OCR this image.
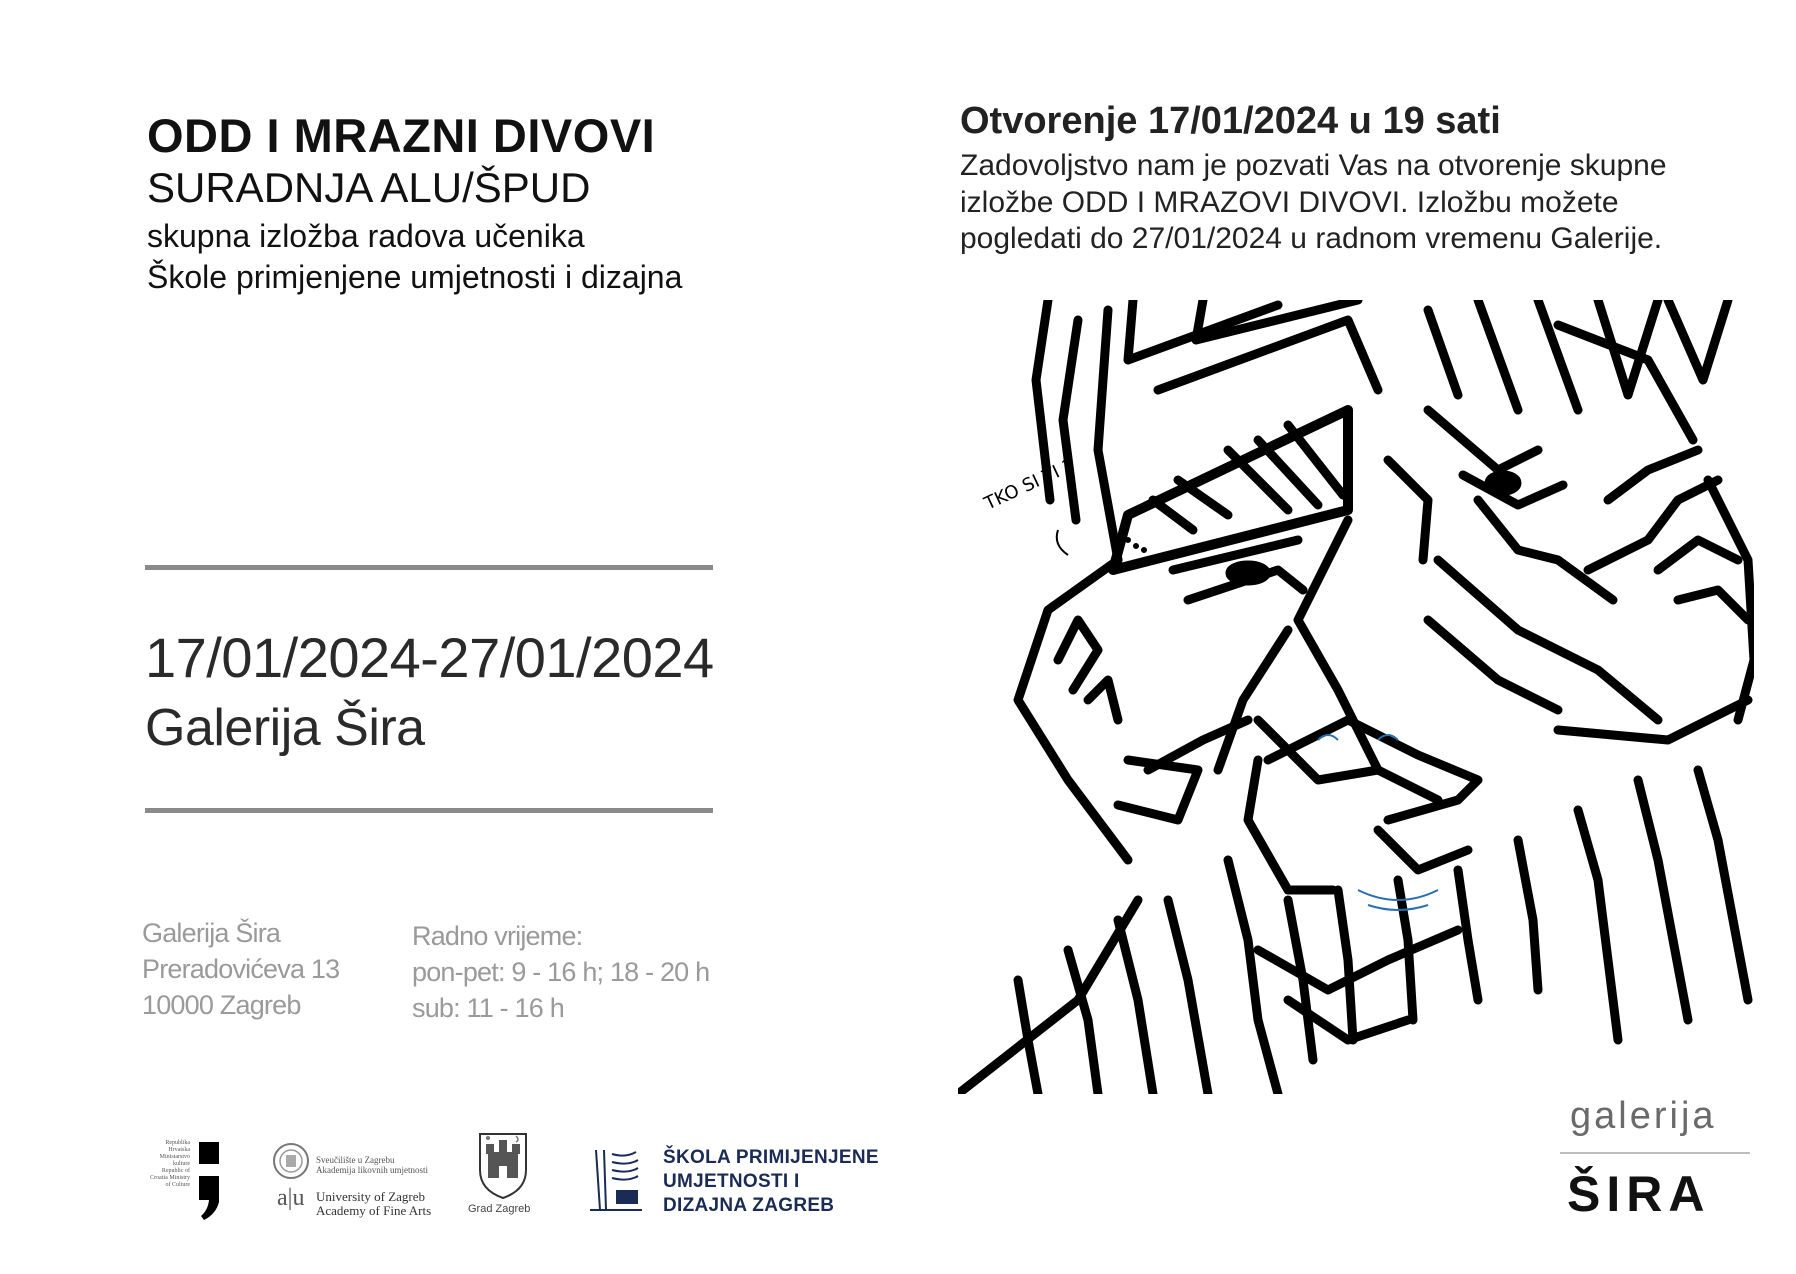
ODD I MRAZNI DIVOVI
SURADNJA ALU/ŠPUD
skupna izložba radova učenika
Škole primjenjene umjetnosti i dizajna
17/01/2024-27/01/2024
Galerija Šira
Galerija Šira
Preradovićeva 13
10000 Zagreb
Radno vrijeme:
pon-pet: 9 - 16 h; 18 - 20 h
sub: 11 - 16 h
Otvorenje 17/01/2024 u 19 sati
Zadovoljstvo nam je pozvati Vas na otvorenje skupne izložbe ODD I MRAZOVI DIVOVI. Izložbu možete pogledati do 27/01/2024 u radnom vremenu Galerije.
TKO SI TI ?
galerija
ŠIRA
Republika Hrvatska Ministarstvo kulture Republic of Croatia Ministry of Culture
Sveučilište u Zagrebu
Akademija likovnih umjetnosti
a|u University of Zagreb
Academy of Fine Arts	Grad Zagreb
ŠKOLA PRIMIJENJENE
UMJETNOSTI I
DIZAJNA ZAGREB
